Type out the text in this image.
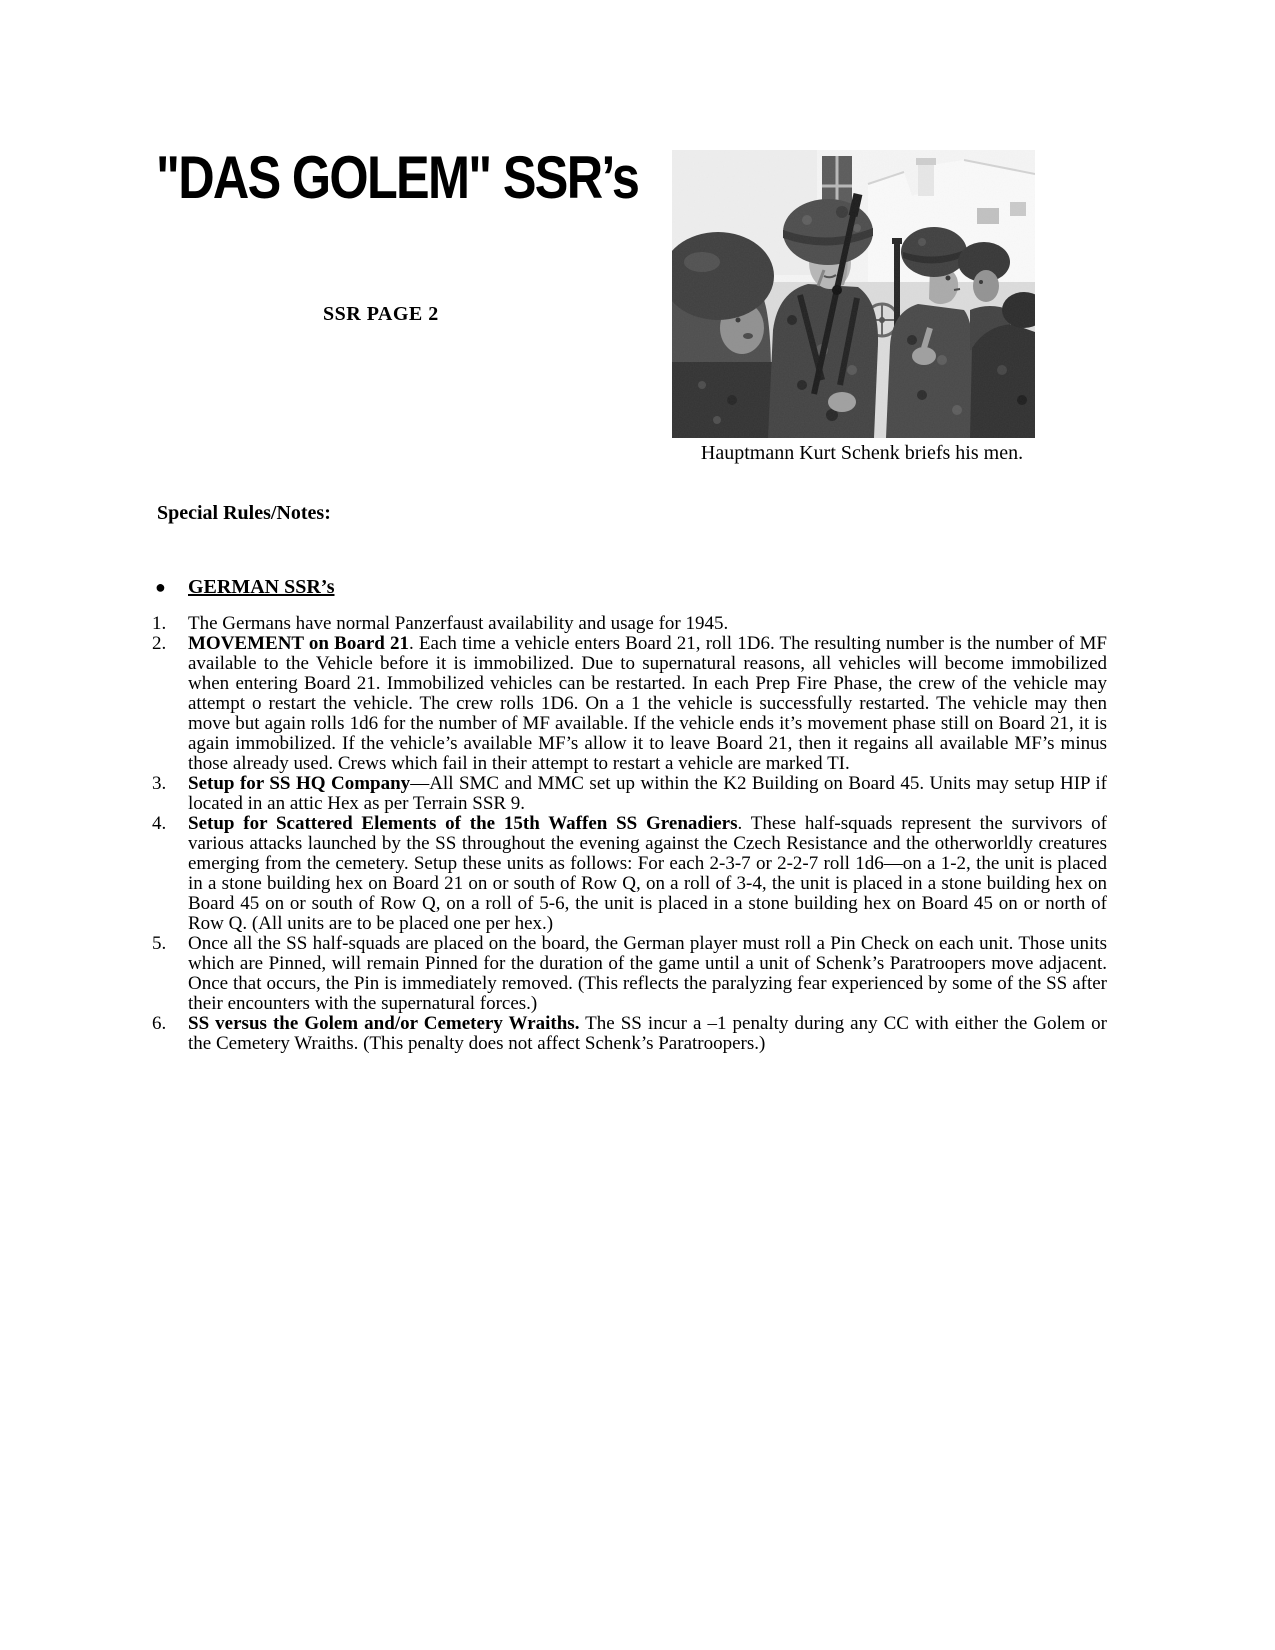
"DAS GOLEM" SSR’s
SSR PAGE 2
Hauptmann Kurt Schenk briefs his men.
Special Rules/Notes:
● GERMAN SSR’s
1. The Germans have normal Panzerfaust availability and usage for 1945.
2. MOVEMENT on Board 21. Each time a vehicle enters Board 21, roll 1D6. The resulting number is the number of MF available to the Vehicle before it is immobilized. Due to supernatural reasons, all vehicles will become immobilized when entering Board 21. Immobilized vehicles can be restarted. In each Prep Fire Phase, the crew of the vehicle may attempt o restart the vehicle. The crew rolls 1D6. On a 1 the vehicle is successfully restarted. The vehicle may then move but again rolls 1d6 for the number of MF available. If the vehicle ends it’s movement phase still on Board 21, it is again immobilized. If the vehicle’s available MF’s allow it to leave Board 21, then it regains all available MF’s minus those already used. Crews which fail in their attempt to restart a vehicle are marked TI.
3. Setup for SS HQ Company—All SMC and MMC set up within the K2 Building on Board 45. Units may setup HIP if located in an attic Hex as per Terrain SSR 9.
4. Setup for Scattered Elements of the 15th Waffen SS Grenadiers. These half-squads represent the survivors of various attacks launched by the SS throughout the evening against the Czech Resistance and the otherworldly creatures emerging from the cemetery. Setup these units as follows: For each 2-3-7 or 2-2-7 roll 1d6—on a 1-2, the unit is placed in a stone building hex on Board 21 on or south of Row Q, on a roll of 3-4, the unit is placed in a stone building hex on Board 45 on or south of Row Q, on a roll of 5-6, the unit is placed in a stone building hex on Board 45 on or north of Row Q. (All units are to be placed one per hex.)
5. Once all the SS half-squads are placed on the board, the German player must roll a Pin Check on each unit. Those units which are Pinned, will remain Pinned for the duration of the game until a unit of Schenk’s Paratroopers move adjacent. Once that occurs, the Pin is immediately removed. (This reflects the paralyzing fear experienced by some of the SS after their encounters with the supernatural forces.)
6. SS versus the Golem and/or Cemetery Wraiths. The SS incur a –1 penalty during any CC with either the Golem or the Cemetery Wraiths. (This penalty does not affect Schenk’s Paratroopers.)
